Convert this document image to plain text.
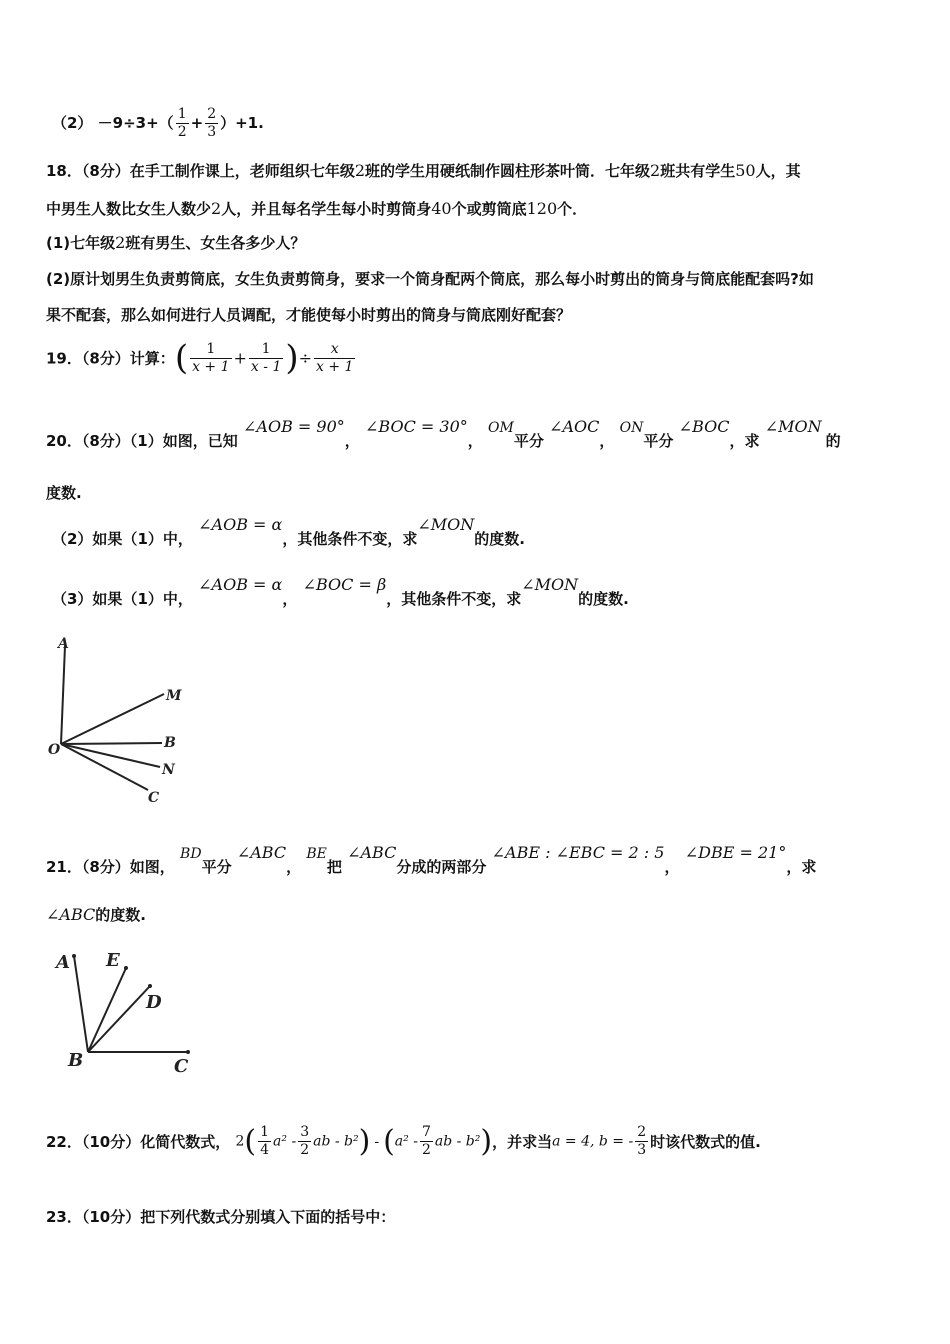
$(2) -9\div 3+( \frac{1}{2} + \frac{2}{3} )+1$.
18．（8分）在手工制作课上，老师组织七年级2班的学生用硬纸制作圆柱形茶叶筒．七年级2班共有学生50人，其
中男生人数比女生人数少2人，并且每名学生每小时剪筒身40个或剪筒底120个．
(1)七年级2班有男生、女生各多少人？
(2)原计划男生负责剪筒底，女生负责剪筒身，要求一个筒身配两个筒底，那么每小时剪出的筒身与筒底能配套吗?如
果不配套，那么如何进行人员调配，才能使每小时剪出的筒身与筒底刚好配套？
19．（8分）计算：( $\frac{1}{x + 1} + \frac{1}{x - 1}$ )÷ $\frac{x}{x + 1}$
20．（8分）（1）如图，已知 ∠AOB = 90°， ∠BOC = 30°， OM平分 ∠AOC， ON平分 ∠BOC，求 ∠MON的
度数.
（2）如果（1）中， ∠AOB = α，其他条件不变，求∠MON的度数.
（3）如果（1）中， ∠AOB = α， ∠BOC = β，其他条件不变，求∠MON的度数.
A
M
O	B
N
C
21．（8分）如图， BD平分 ∠ABC， BE把 ∠ABC分成的两部分 ∠ABE : ∠EBC = 2 : 5， ∠DBE = 21°，求
∠ABC的度数.
A E
D
B	C
22．（10分）化简代数式， $2( \frac{1}{4} a^2 - \frac{3}{2}$ ab - $b^2) - (a^2 - \frac{7}{2}$ ab - b²)，并求当a = 4, b = - $\frac{2}{3}$ 时该代数式的值.
23．（10分）把下列代数式分别填入下面的括号中：
